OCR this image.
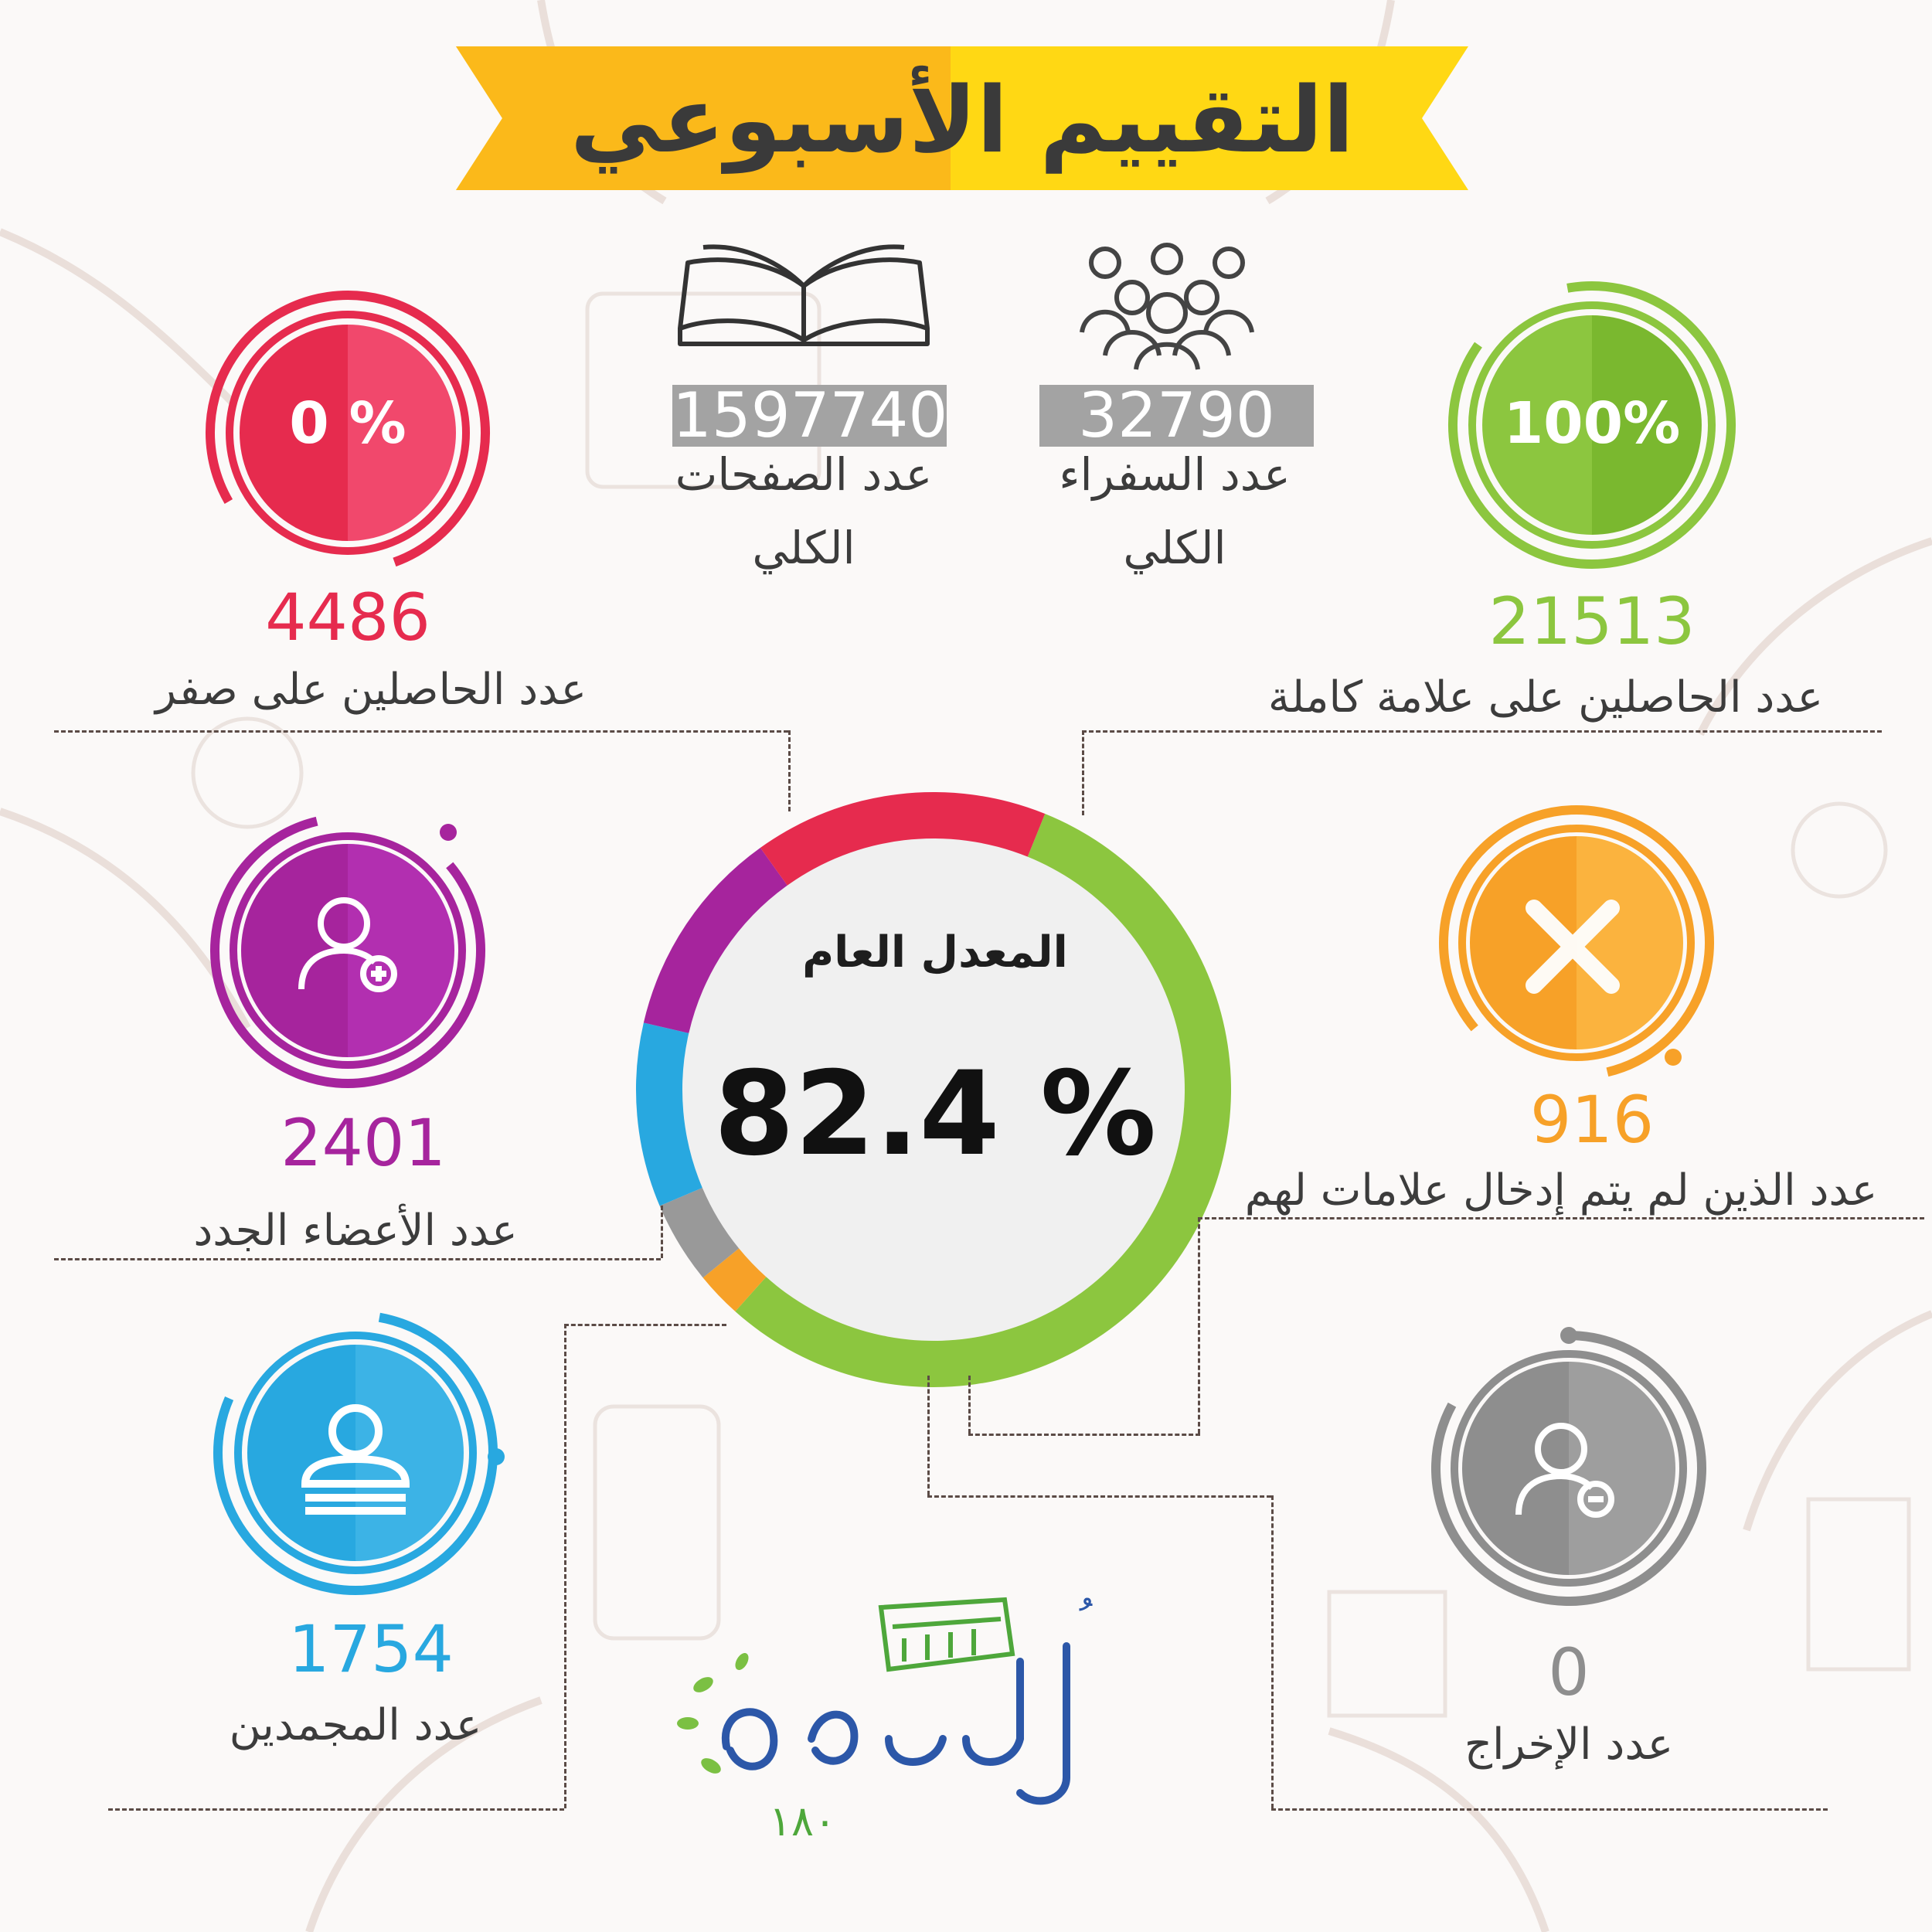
التقييم الأسبوعي
0 %
4486
عدد الحاصلين على صفر
100%
21513
عدد الحاصلين على علامة كاملة
1597740
عدد الصفحات
الكلي
32790
عدد السفراء
الكلي
2401
عدد الأعضاء الجدد
916
عدد الذين لم يتم إدخال علامات لهم
1754
عدد المجمدين
0
عدد الإخراج
المعدل العام
82.4 %
١٨٠
